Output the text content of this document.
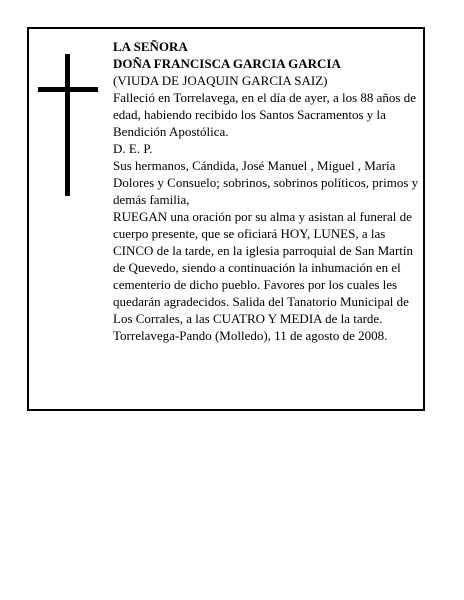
LA SEÑORA

DOÑA FRANCISCA GARCIA GARCIA

(VIUDA DE JOAQUIN GARCIA SAIZ)

Falleció en Torrelavega, en el día de ayer, a los 88 años de edad, habiendo recibido los Santos Sacramentos y la Bendición Apostólica.

D. E. P.

Sus hermanos, Cándida, José Manuel , Miguel , María Dolores y Consuelo; sobrinos, sobrinos políticos, primos y demás familia,

RUEGAN una oración por su alma y asistan al funeral de cuerpo presente, que se oficiará HOY, LUNES, a las CINCO de la tarde, en la iglesia parroquial de San Martín de Quevedo, siendo a continuación la inhumación en el cementerio de dicho pueblo. Favores por los cuales les quedarán agradecidos. Salida del Tanatorio Municipal de Los Corrales, a las CUATRO Y MEDIA de la tarde.

Torrelavega-Pando (Molledo), 11 de agosto de 2008.
